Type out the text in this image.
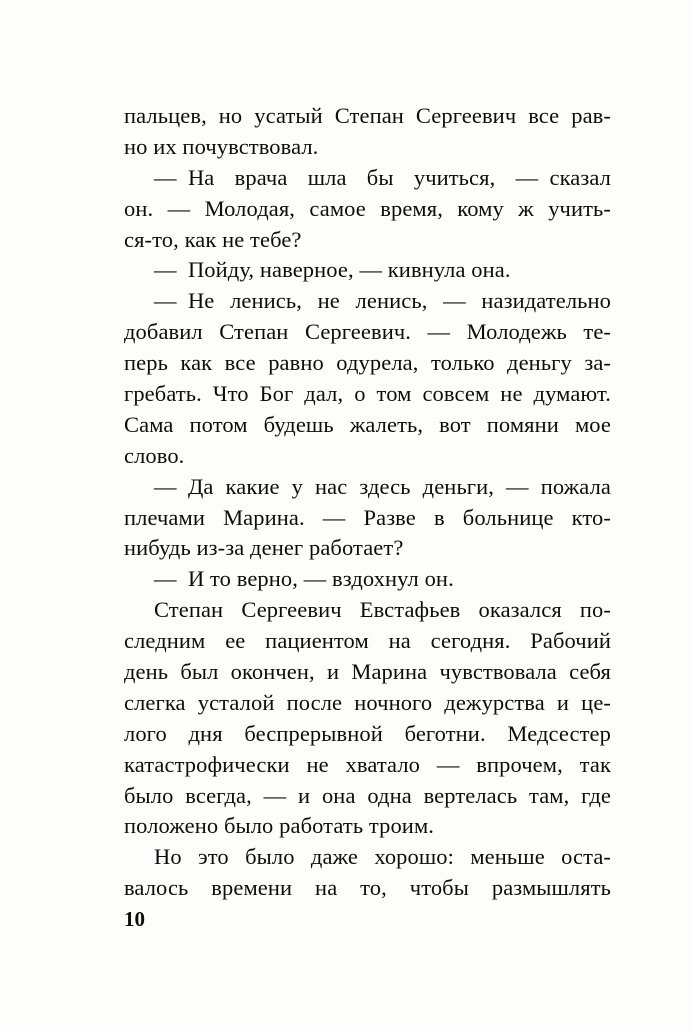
пальцев, но усатый Степан Сергеевич все рав-
но их почувствовал.
— На врача шла бы учиться, — сказал
он. — Молодая, самое время, кому ж учить-
ся-то, как не тебе?
— Пойду, наверное, — кивнула она.
— Не ленись, не ленись, — назидательно
добавил Степан Сергеевич. — Молодежь те-
перь как все равно одурела, только деньгу за-
гребать. Что Бог дал, о том совсем не думают.
Сама потом будешь жалеть, вот помяни мое
слово.
— Да какие у нас здесь деньги, — пожала
плечами Марина. — Разве в больнице кто-
нибудь из-за денег работает?
— И то верно, — вздохнул он.
Степан Сергеевич Евстафьев оказался по-
следним ее пациентом на сегодня. Рабочий
день был окончен, и Марина чувствовала себя
слегка усталой после ночного дежурства и це-
лого дня беспрерывной беготни. Медсестер
катастрофически не хватало — впрочем, так
было всегда, — и она одна вертелась там, где
положено было работать троим.
Но это было даже хорошо: меньше оста-
валось времени на то, чтобы размышлять
10
